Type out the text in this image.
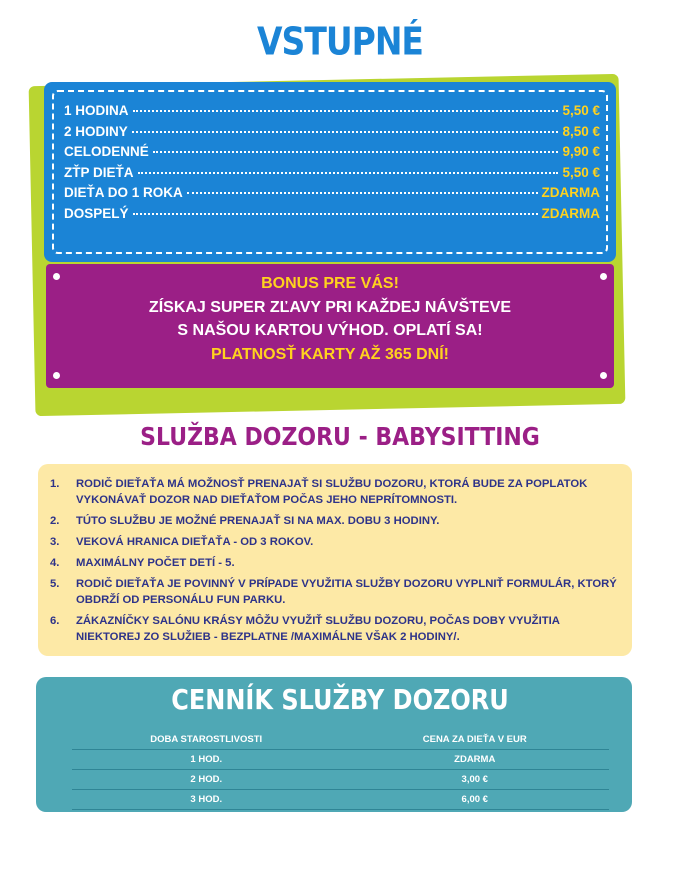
VSTUPNÉ
1 HODINA	5,50 €
2 HODINY	8,50 €
CELODENNÉ	9,90 €
ZŤP DIEŤA	5,50 €
DIEŤA DO 1 ROKA	ZDARMA
DOSPELÝ	ZDARMA

BONUS PRE VÁS!

ZÍSKAJ SUPER ZĽAVY PRI KAŽDEJ NÁVŠTEVE

S NAŠOU KARTOU VÝHOD. OPLATÍ SA!

PLATNOSŤ KARTY AŽ 365 DNÍ!

SLUŽBA DOZORU - BABYSITTING
1.	RODIČ DIEŤAŤA MÁ MOŽNOSŤ PRENAJAŤ SI SLUŽBU DOZORU, KTORÁ BUDE ZA POPLATOK VYKONÁVAŤ DOZOR NAD DIEŤAŤOM POČAS JEHO NEPRÍTOMNOSTI.
2.	TÚTO SLUŽBU JE MOŽNÉ PRENAJAŤ SI NA MAX. DOBU 3 HODINY.
3.	VEKOVÁ HRANICA DIEŤAŤA - OD 3 ROKOV.
4.	MAXIMÁLNY POČET DETÍ - 5.
5.	RODIČ DIEŤAŤA JE POVINNÝ V PRÍPADE VYUŽITIA SLUŽBY DOZORU VYPLNIŤ FORMULÁR, KTORÝ OBDRŽÍ OD PERSONÁLU FUN PARKU.
6.	ZÁKAZNÍČKY SALÓNU KRÁSY MÔŽU VYUŽIŤ SLUŽBU DOZORU, POČAS DOBY VYUŽITIA NIEKTOREJ ZO SLUŽIEB - BEZPLATNE /MAXIMÁLNE VŠAK 2 HODINY/.
CENNÍK SLUŽBY DOZORU
DOBA STAROSTLIVOSTI	CENA ZA DIEŤA V EUR
1 HOD.	ZDARMA
2 HOD.	3,00 €
3 HOD.	6,00 €
